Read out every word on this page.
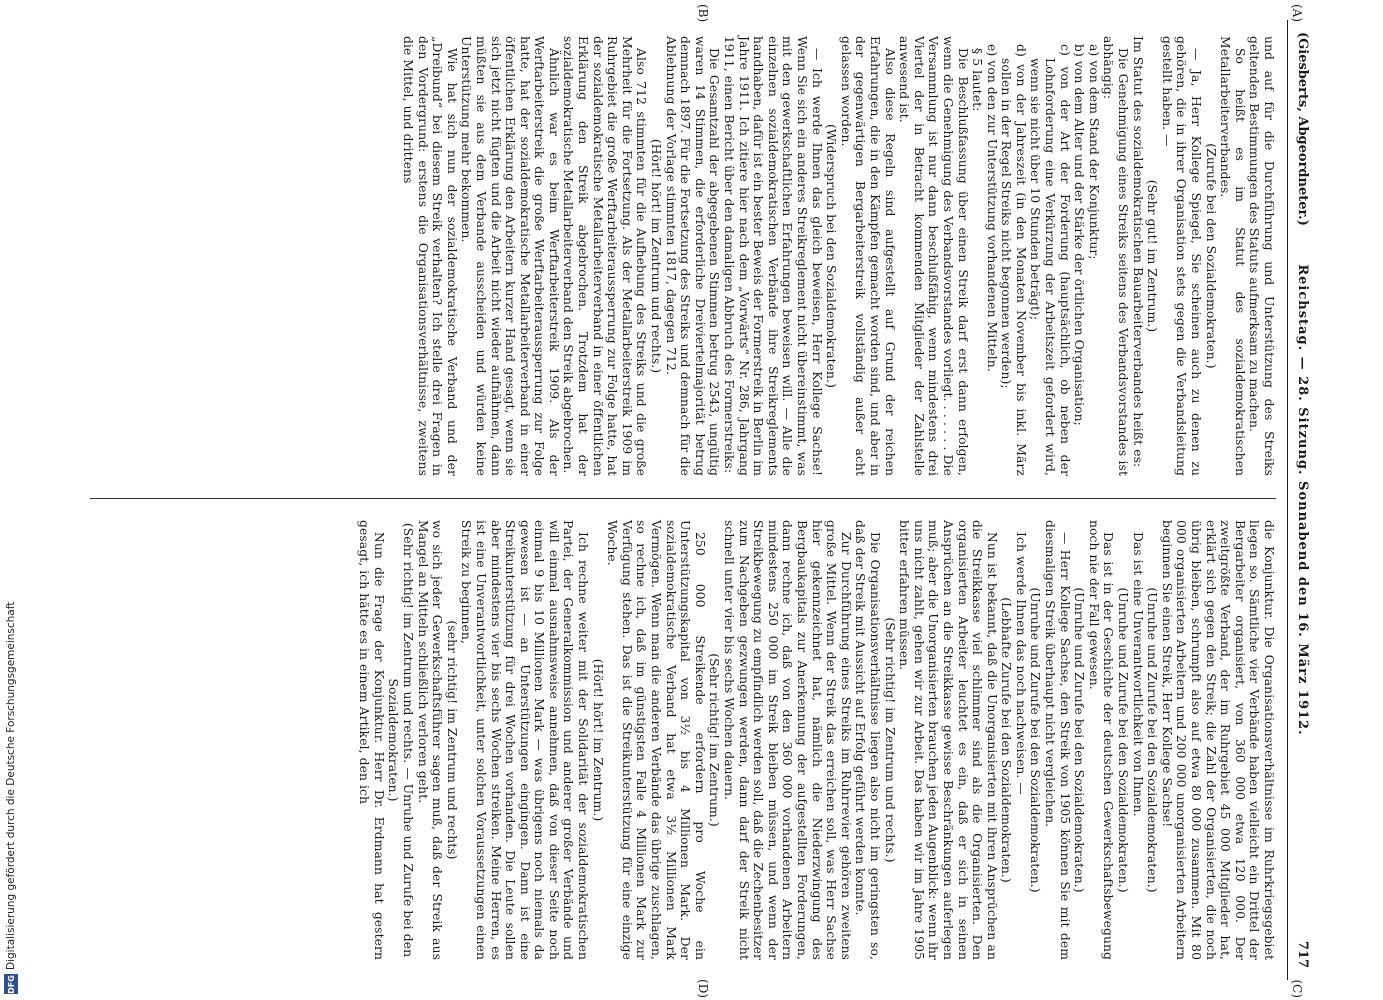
(Giesberts, Abgeordneter.)
Reichstag. — 28. Sitzung. Sonnabend den 16. März 1912.
717
(A)
(B)
(C)
(D)

und auf für die Durchführung und Unterstützung des Streiks geltenden Bestimmungen des Statuts aufmerksam zu machen.

So heißt es im Statut des sozialdemokratischen Metallarbeiterverbandes.

(Zurufe bei den Sozialdemokraten.)

— Ja, Herr Kollege Spiegel, Sie scheinen auch zu denen zu gehören, die in ihrer Organisation stets gegen die Verbandsleitung gestellt haben. —

(Sehr gut! im Zentrum.)

Im Statut des sozialdemokratischen Bauarbeiterverbandes heißt es:

Die Genehmigung eines Streiks seitens des Verbandsvorstandes ist abhängig:

a) von dem Stand der Konjunktur;

b) von dem Alter und der Stärke der örtlichen Organisation;

c) von der Art der Forderung (hauptsächlich, ob neben der Lohnforderung eine Verkürzung der Arbeitszeit gefordert wird, wenn sie nicht über 10 Stunden beträgt);

d) von der Jahreszeit (in den Monaten November bis inkl. März sollen in der Regel Streiks nicht begonnen werden);

e) von den zur Unterstützung vorhandenen Mitteln.

§ 5 lautet:

Die Beschlußfassung über einen Streik darf erst dann erfolgen, wenn die Genehmigung des Verbandsvorstandes vorliegt. . . . . . . Die Versammlung ist nur dann beschlußfähig, wenn mindestens drei Viertel der in Betracht kommenden Mitglieder der Zahlstelle anwesend ist.

Also diese Regeln sind aufgestellt auf Grund der reichen Erfahrungen, die in den Kämpfen gemacht worden sind, und aber in der gegenwärtigen Bergarbeiterstreik vollständig außer acht gelassen worden.

(Widerspruch bei den Sozialdemokraten.)

— Ich werde Ihnen das gleich beweisen, Herr Kollege Sachse! Wenn Sie sich ein anderes Streikreglement nicht übereinstimmt, was mit den gewerkschaftlichen Erfahrungen beweisen will. — Alle die einzelnen sozialdemokratischen Verbände ihre Streikreglements handhaben, dafür ist ein bester Beweis der Formerstreik in Berlin im Jahre 1911. Ich zitiere hier nach dem „Vorwärts“ Nr. 286, Jahrgang 1911, einen Bericht über den damaligen Abbruch des Formerstreiks:

Die Gesamtzahl der abgegebenen Stimmen betrug 2543, ungültig waren 14 Stimmen, die erforderliche Dreiviertelmajorität betrug demnach 1897. Für die Fortsetzung des Streiks und demnach für die Ablehnung der Vorlage stimmten 1817, dagegen 712.

(Hört! hört! im Zentrum und rechts.)

Also 712 stimmten für die Aufhebung des Streiks und die große Mehrheit für die Fortsetzung. Als der Metallarbeiterstreik 1909 im Ruhrgebiet die große Werftarbeiteraussperrung zur Folge hatte, hat der sozialdemokratische Metallarbeiterverband in einer öffentlichen Erklärung den Streik abgebrochen. Trotzdem hat der sozialdemokratische Metallarbeiterverband den Streik abgebrochen.

Ähnlich war es beim Werftarbeiterstreik 1909. Als der Werftarbeiterstreik die große Werftarbeiteraussperrung zur Folge hatte, hat der sozialdemokratische Metallarbeiterverband in einer öffentlichen Erklärung den Arbeitern kurzer Hand gesagt, wenn sie sich jetzt nicht fügten und die Arbeit nicht wieder aufnähmen, dann müßten sie aus dem Verbande ausscheiden und würden keine Unterstützung mehr bekommen.

Wie hat sich nun der sozialdemokratische Verband und der „Dreibund“ bei diesem Streik verhalten? Ich stelle drei Fragen in den Vordergrund: erstens die Organisationsverhältnisse, zweitens die Mittel, und drittens

die Konjunktur. Die Organisationsverhältnisse im Ruhrkriegsgebiet liegen so. Sämtliche vier Verbände haben vielleicht ein Drittel der Bergarbeiter organisiert, von 360 000 etwa 120 000. Der zweitgrößte Verband, der im Ruhrgebiet 45 000 Mitglieder hat, erklärt sich gegen den Streik; die Zahl der Organisierten, die noch übrig bleiben, schrumpft also auf etwa 80 000 zusammen. Mit 80 000 organisierten Arbeitern und 200 000 unorganisierten Arbeitern beginnen Sie einen Streik, Herr Kollege Sachse!

(Unruhe und Zurufe bei den Sozialdemokraten.)

Das ist eine Unverantwortlichkeit von Ihnen.

(Unruhe und Zurufe bei den Sozialdemokraten.)

Das ist in der Geschichte der deutschen Gewerkschaftsbewegung noch nie der Fall gewesen.

(Unruhe und Zurufe bei den Sozialdemokraten.)

— Herr Kollege Sachse, den Streik von 1905 können Sie mit dem diesmaligen Streik überhaupt nicht vergleichen.

(Unruhe und Zurufe bei den Sozialdemokraten.)

Ich werde Ihnen das noch nachweisen. —

(Lebhafte Zurufe bei den Sozialdemokraten.)

Nun ist bekannt, daß die Unorganisierten mit ihren Ansprüchen an die Streikkasse viel schlimmer sind als die Organisierten. Den organisierten Arbeiter leuchtet es ein, daß er sich in seinen Ansprüchen an die Streikkasse gewisse Beschränkungen auferlegen muß; aber die Unorganisierten brauchen jeden Augenblick: wenn ihr uns nicht zahlt, gehen wir zur Arbeit. Das haben wir im Jahre 1905 bitter erfahren müssen.

(Sehr richtig! im Zentrum und rechts.)

Die Organisationsverhältnisse liegen also nicht im geringsten so, daß der Streik mit Aussicht auf Erfolg geführt werden konnte.

Zur Durchführung eines Streiks im Ruhrrevier gehören zweitens große Mittel. Wenn der Streik das erreichen soll, was Herr Sachse hier gekennzeichnet hat, nämlich die Niederzwingung des Bergbaukapitals zur Anerkennung der aufgestellten Forderungen, dann rechne ich, daß von den 360 000 vorhandenen Arbeitern mindestens 250 000 im Streik bleiben müssen, und wenn der Streikbewegung zu empfindlich werden soll, daß die Zechenbesitzer zum Nachgeben gezwungen werden, dann darf der Streik nicht schnell unter vier bis sechs Wochen dauern.

(Sehr richtig! im Zentrum.)

250 000 Streikende erfordern pro Woche ein Unterstützungskapital von 3½ bis 4 Millionen Mark. Der sozialdemokratische Verband hat etwa 3½ Millionen Mark Vermögen. Wenn man die anderen Verbände das übrige zuschlagen, so rechne ich, daß im günstigsten Falle 4 Millionen Mark zur Verfügung stehen. Das ist die Streikunterstützung für eine einzige Woche.

(Hört! hört! im Zentrum.)

Ich rechne weiter mit der Solidarität der sozialdemokratischen Partei, der Generalkommission und anderer großer Verbände und will einmal ausnahmsweise annehmen, daß von dieser Seite noch einmal 9 bis 10 Millionen Mark — was übrigens noch niemals da gewesen ist — an Unterstützungen eingingen. Dann ist eine Streikunterstützung für drei Wochen vorhanden. Die Leute sollen aber mindestens vier bis sechs Wochen streiken. Meine Herren, es ist eine Unverantwortlichkeit, unter solchen Voraussetzungen einen Streik zu beginnen,

(sehr richtig! im Zentrum und rechts)

wo sich jeder Gewerkschaftsführer sagen muß, daß der Streik aus Mangel an Mitteln schließlich verloren geht.

(Sehr richtig! im Zentrum und rechts. — Unruhe und Zurufe bei den Sozialdemokraten.)

Nun die Frage der Konjunktur. Herr Dr. Erdmann hat gestern gesagt, ich hätte es in einem Artikel, den ich

Digitalisierung gefördert durch die Deutsche Forschungsgemeinschaft
DFG
